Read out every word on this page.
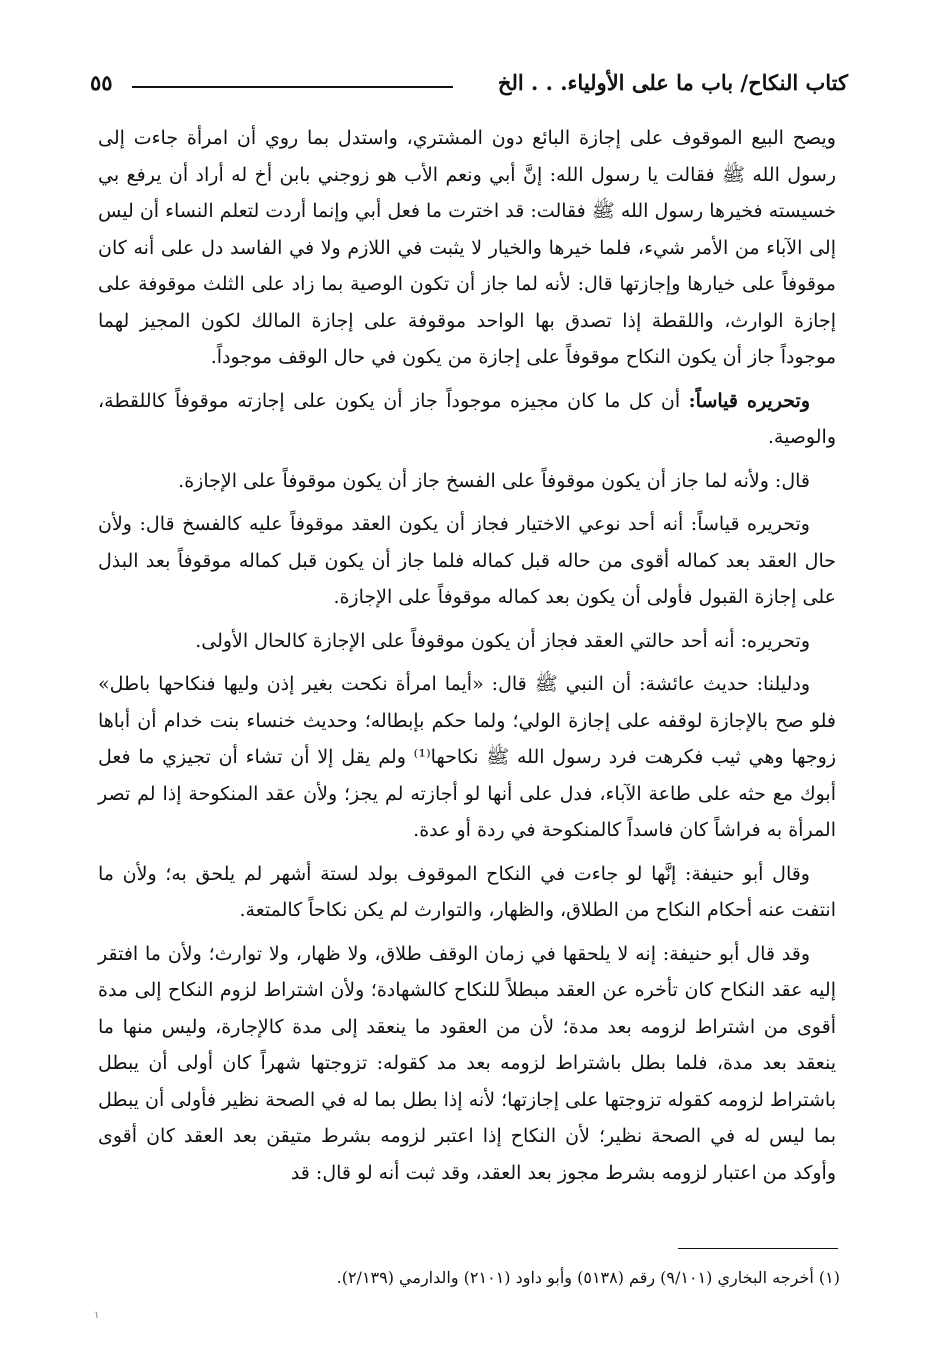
كتاب النكاح/ باب ما على الأولياء. . . الخ
٥٥

ويصح البيع الموقوف على إجازة البائع دون المشتري، واستدل بما روي أن امرأة جاءت إلى رسول الله ﷺ فقالت يا رسول الله: إنَّ أبي ونعم الأب هو زوجني بابن أخ له أراد أن يرفع بي خسيسته فخيرها رسول الله ﷺ فقالت: قد اخترت ما فعل أبي وإنما أردت لتعلم النساء أن ليس إلى الآباء من الأمر شيء، فلما خيرها والخيار لا يثبت في اللازم ولا في الفاسد دل على أنه كان موقوفاً على خيارها وإجازتها قال: لأنه لما جاز أن تكون الوصية بما زاد على الثلث موقوفة على إجازة الوارث، واللقطة إذا تصدق بها الواحد موقوفة على إجازة المالك لكون المجيز لهما موجوداً جاز أن يكون النكاح موقوفاً على إجازة من يكون في حال الوقف موجوداً.

وتحريره قياساً: أن كل ما كان مجيزه موجوداً جاز أن يكون على إجازته موقوفاً كاللقطة، والوصية.

قال: ولأنه لما جاز أن يكون موقوفاً على الفسخ جاز أن يكون موقوفاً على الإجازة.

وتحريره قياساً: أنه أحد نوعي الاختيار فجاز أن يكون العقد موقوفاً عليه كالفسخ قال: ولأن حال العقد بعد كماله أقوى من حاله قبل كماله فلما جاز أن يكون قبل كماله موقوفاً بعد البذل على إجازة القبول فأولى أن يكون بعد كماله موقوفاً على الإجازة.

وتحريره: أنه أحد حالتي العقد فجاز أن يكون موقوفاً على الإجازة كالحال الأولى.

ودليلنا: حديث عائشة: أن النبي ﷺ قال: «أيما امرأة نكحت بغير إذن وليها فنكاحها باطل» فلو صح بالإجازة لوقفه على إجازة الولي؛ ولما حكم بإبطاله؛ وحديث خنساء بنت خدام أن أباها زوجها وهي ثيب فكرهت فرد رسول الله ﷺ نكاحها⁽¹⁾ ولم يقل إلا أن تشاء أن تجيزي ما فعل أبوك مع حثه على طاعة الآباء، فدل على أنها لو أجازته لم يجز؛ ولأن عقد المنكوحة إذا لم تصر المرأة به فراشاً كان فاسداً كالمنكوحة في ردة أو عدة.

وقال أبو حنيفة: إنَّها لو جاءت في النكاح الموقوف بولد لستة أشهر لم يلحق به؛ ولأن ما انتفت عنه أحكام النكاح من الطلاق، والظهار، والتوارث لم يكن نكاحاً كالمتعة.

وقد قال أبو حنيفة: إنه لا يلحقها في زمان الوقف طلاق، ولا ظهار، ولا توارث؛ ولأن ما افتقر إليه عقد النكاح كان تأخره عن العقد مبطلاً للنكاح كالشهادة؛ ولأن اشتراط لزوم النكاح إلى مدة أقوى من اشتراط لزومه بعد مدة؛ لأن من العقود ما ينعقد إلى مدة كالإجارة، وليس منها ما ينعقد بعد مدة، فلما بطل باشتراط لزومه بعد مد كقوله: تزوجتها شهراً كان أولى أن يبطل باشتراط لزومه كقوله تزوجتها على إجازتها؛ لأنه إذا بطل بما له في الصحة نظير فأولى أن يبطل بما ليس له في الصحة نظير؛ لأن النكاح إذا اعتبر لزومه بشرط متيقن بعد العقد كان أقوى وأوكد من اعتبار لزومه بشرط مجوز بعد العقد، وقد ثبت أنه لو قال: قد

(١) أخرجه البخاري (٩/١٠١) رقم (٥١٣٨) وأبو داود (٢١٠١) والدارمي (٢/١٣٩).
١
